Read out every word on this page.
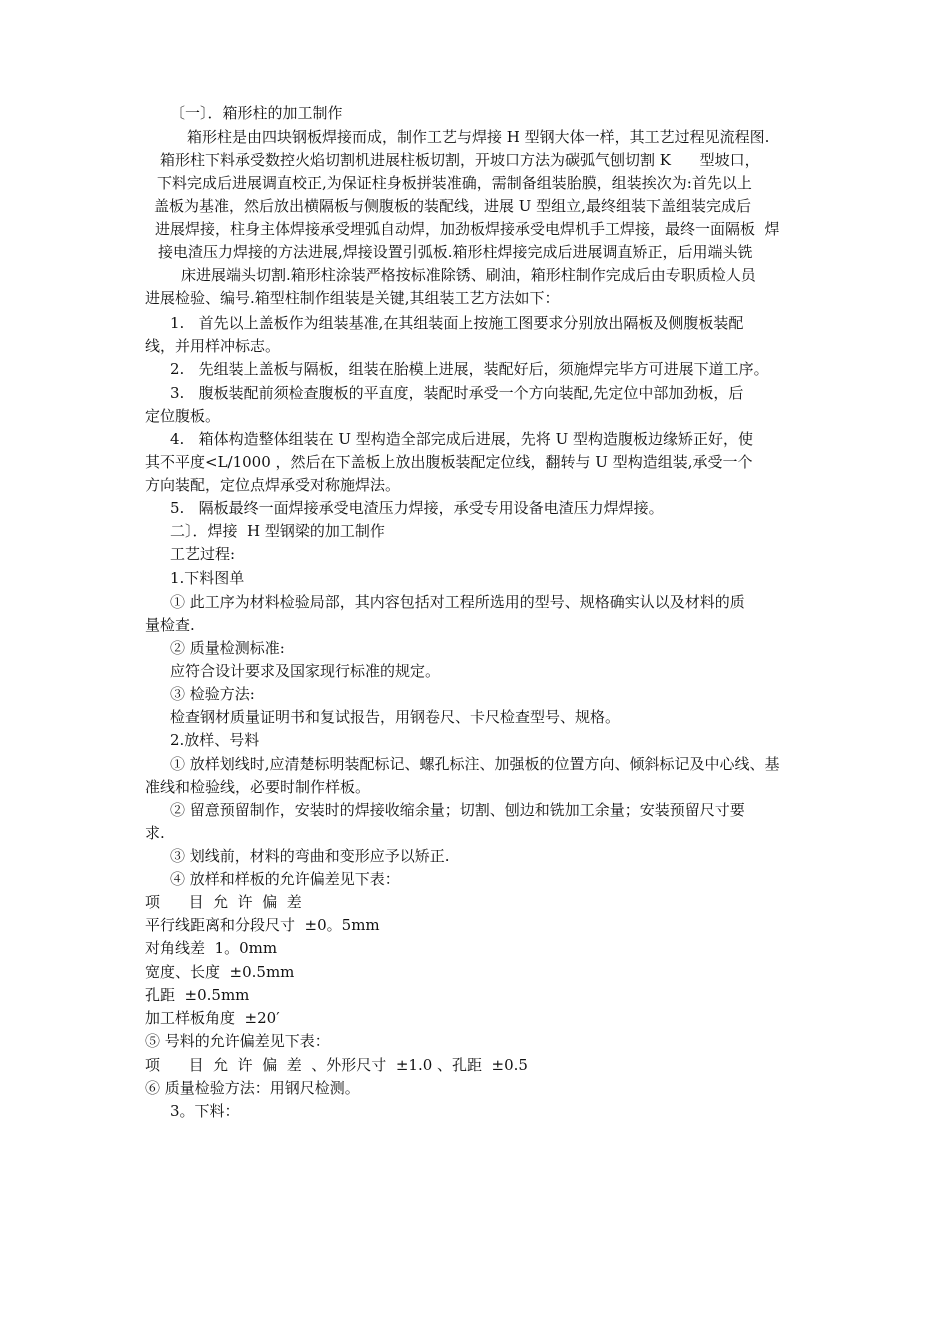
〔一〕．箱形柱的加工制作

箱形柱是由四块钢板焊接而成，制作工艺与焊接 H 型钢大体一样，其工艺过程见流程图.

箱形柱下料承受数控火焰切割机进展柱板切割，开坡口方法为碳弧气刨切割 K      型坡口，

下料完成后进展调直校正,为保证柱身板拼装准确，需制备组装胎膜，组装挨次为:首先以上

盖板为基准，然后放出横隔板与侧腹板的装配线，进展 U 型组立,最终组装下盖组装完成后

进展焊接，柱身主体焊接承受埋弧自动焊，加劲板焊接承受电焊机手工焊接，最终一面隔板  焊

接电渣压力焊接的方法进展,焊接设置引弧板.箱形柱焊接完成后进展调直矫正，后用端头铣

床进展端头切割.箱形柱涂装严格按标准除锈、刷油，箱形柱制作完成后由专职质检人员

进展检验、编号.箱型柱制作组装是关键,其组装工艺方法如下：

1.   首先以上盖板作为组装基准,在其组装面上按施工图要求分别放出隔板及侧腹板装配

线，并用样冲标志。

2.   先组装上盖板与隔板，组装在胎模上进展，装配好后，须施焊完毕方可进展下道工序。

3.   腹板装配前须检查腹板的平直度，装配时承受一个方向装配,先定位中部加劲板，后

定位腹板。

4.   箱体构造整体组装在 U 型构造全部完成后进展，先将 U 型构造腹板边缘矫正好，使

其不平度<L/1000 ，然后在下盖板上放出腹板装配定位线，翻转与 U 型构造组装,承受一个

方向装配，定位点焊承受对称施焊法。

5.   隔板最终一面焊接承受电渣压力焊接，承受专用设备电渣压力焊焊接。

二〕．焊接  H 型钢梁的加工制作

工艺过程:

1.下料图单

① 此工序为材料检验局部，其内容包括对工程所选用的型号、规格确实认以及材料的质

量检查.

② 质量检测标准:

应符合设计要求及国家现行标准的规定。

③ 检验方法:

检查钢材质量证明书和复试报告，用钢卷尺、卡尺检查型号、规格。

2.放样、号料

① 放样划线时,应清楚标明装配标记、螺孔标注、加强板的位置方向、倾斜标记及中心线、基

准线和检验线，必要时制作样板。

② 留意预留制作，安装时的焊接收缩余量；切割、刨边和铣加工余量；安装预留尺寸要

求.

③ 划线前，材料的弯曲和变形应予以矫正.

④ 放样和样板的允许偏差见下表：

项      目  允  许  偏  差

平行线距离和分段尺寸  ±0。5mm

对角线差  1。0mm

宽度、长度  ±0.5mm

孔距  ±0.5mm

加工样板角度  ±20′

⑤ 号料的允许偏差见下表：

项      目  允  许  偏  差  、外形尺寸  ±1.0 、孔距  ±0.5

⑥ 质量检验方法：用钢尺检测。

3。下料：
